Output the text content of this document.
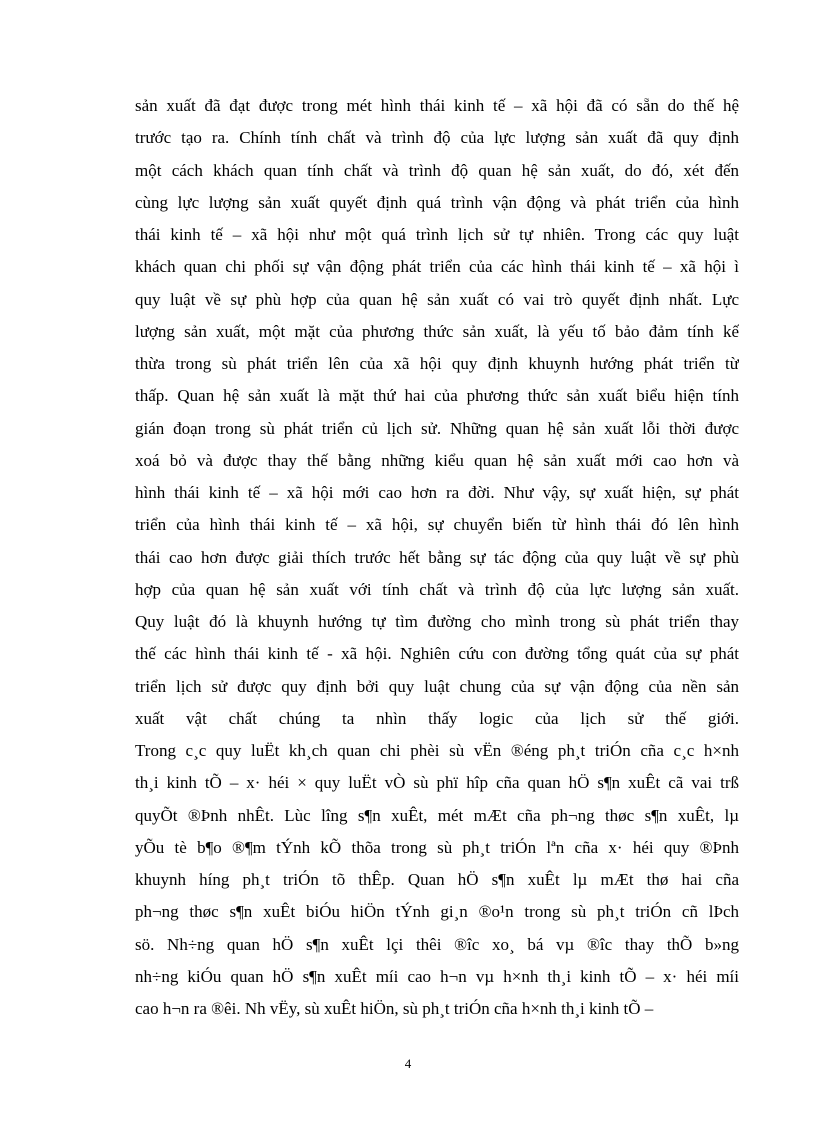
sản xuất đã đạt được trong mét hình thái kinh tế – xã hội đã có sẵn do thế hệ
trước tạo ra. Chính tính chất và trình độ của lực lượng sản xuất đã quy định
một cách khách quan tính chất và trình độ quan hệ sản xuất, do đó, xét đến
cùng lực lượng sản xuất quyết định quá trình vận động và phát triển của hình
thái kinh tế – xã hội như một quá trình lịch sử tự nhiên. Trong các quy luật
khách quan chi phối sự vận động phát triển của các hình thái kinh tế – xã hội ì
quy luật về sự phù hợp của quan hệ sản xuất có vai trò quyết định nhất. Lực
lượng sản xuất, một mặt của phương thức sản xuất, là yếu tố bảo đảm tính kế
thừa trong sù phát triển lên của xã hội quy định khuynh hướng phát triển từ
thấp. Quan hệ sản xuất là mặt thứ hai của phương thức sản xuất biểu hiện tính
gián đoạn trong sù phát triển củ lịch sử. Những quan hệ sản xuất lỗi thời được
xoá bỏ và được thay thế bằng những kiểu quan hệ sản xuất mới cao hơn và
hình thái kinh tế – xã hội mới cao hơn ra đời. Như vậy, sự xuất hiện, sự phát
triển của hình thái kinh tế – xã hội, sự chuyển biến từ hình thái đó lên hình
thái cao hơn được giải thích trước hết bằng sự tác động của quy luật về sự phù
hợp của quan hệ sản xuất với tính chất và trình độ của lực lượng sản xuất.
Quy luật đó là khuynh hướng tự tìm đường cho mình trong sù phát triển thay
thế các hình thái kinh tế - xã hội. Nghiên cứu con đường tổng quát của sự phát
triển lịch sử được quy định bởi quy luật chung của sự vận động của nền sản
xuất vật chất chúng ta nhìn thấy logic của lịch sử thế giới.
Trong c¸c quy luËt kh¸ch quan chi phèi sù vËn ®éng ph¸t triÓn cña c¸c h×nh
th¸i kinh tÕ – x· héi × quy luËt vÒ sù phï hîp cña quan hÖ s¶n xuÊt cã vai trß
quyÕt ®Þnh nhÊt. Lùc lîng s¶n xuÊt, mét mÆt cña ph¬ng thøc s¶n xuÊt, lµ
yÕu tè b¶o ®¶m tÝnh kÕ thõa trong sù ph¸t triÓn lªn cña x· héi quy ®Þnh
khuynh híng ph¸t triÓn tõ thÊp. Quan hÖ s¶n xuÊt lµ mÆt thø hai cña
ph¬ng thøc s¶n xuÊt biÓu hiÖn tÝnh gi¸n ®o¹n trong sù ph¸t triÓn cñ lÞch
sö. Nh÷ng quan hÖ s¶n xuÊt lçi thêi ®îc xo¸ bá vµ ®îc thay thÕ b»ng
nh÷ng kiÓu quan hÖ s¶n xuÊt míi cao h¬n vµ h×nh th¸i kinh tÕ – x· héi míi
cao h¬n ra ®êi. Nh vËy, sù xuÊt hiÖn, sù ph¸t triÓn cña h×nh th¸i kinh tÕ –
4
